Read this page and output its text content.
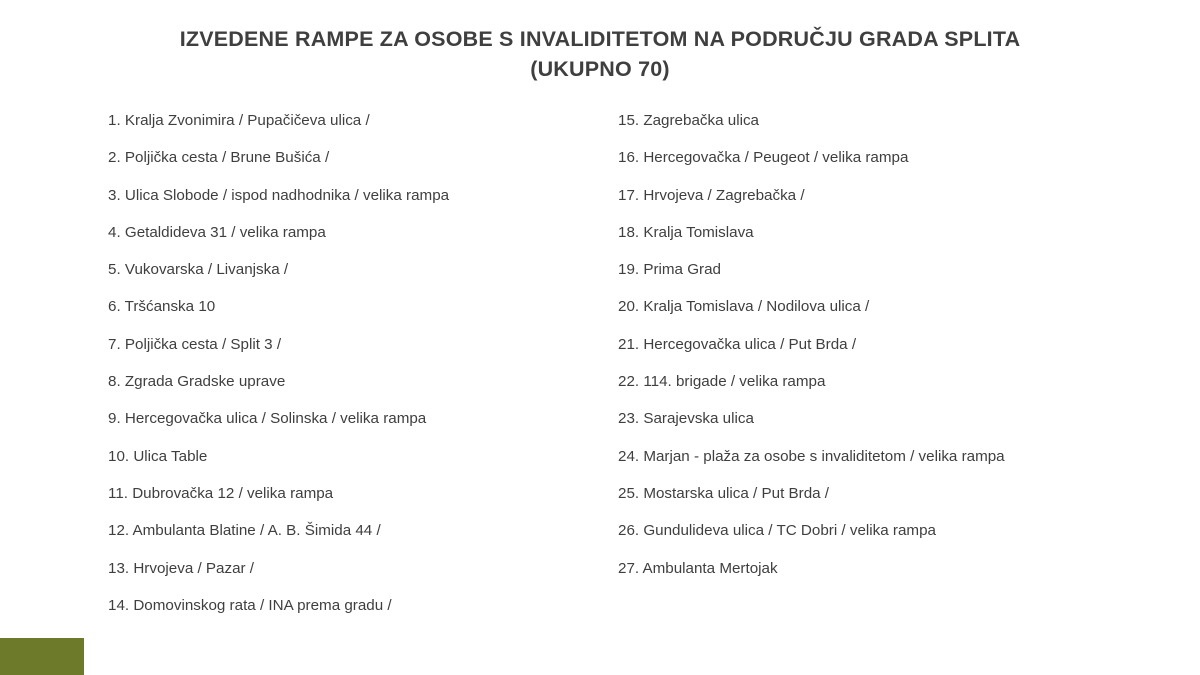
IZVEDENE RAMPE ZA OSOBE S INVALIDITETOM NA PODRUČJU GRADA SPLITA
(UKUPNO 70)
1. Kralja Zvonimira / Pupačičeva ulica /
2. Poljička cesta / Brune Bušića /
3. Ulica Slobode / ispod nadhodnika / velika rampa
4. Getaldideva 31 / velika rampa
5. Vukovarska / Livanjska /
6. Tršćanska 10
7. Poljička cesta / Split 3 /
8. Zgrada Gradske uprave
9. Hercegovačka ulica / Solinska / velika rampa
10. Ulica Table
11. Dubrovačka 12 / velika rampa
12. Ambulanta Blatine / A. B. Šimida 44 /
13. Hrvojeva / Pazar /
14. Domovinskog rata / INA prema gradu /
15. Zagrebačka ulica
16. Hercegovačka / Peugeot / velika rampa
17. Hrvojeva / Zagrebačka /
18. Kralja Tomislava
19. Prima Grad
20. Kralja Tomislava / Nodilova ulica /
21. Hercegovačka ulica / Put Brda /
22. 114. brigade / velika rampa
23. Sarajevska ulica
24. Marjan - plaža za osobe s invaliditetom / velika rampa
25. Mostarska ulica / Put Brda /
26. Gundulideva ulica / TC Dobri / velika rampa
27. Ambulanta Mertojak
